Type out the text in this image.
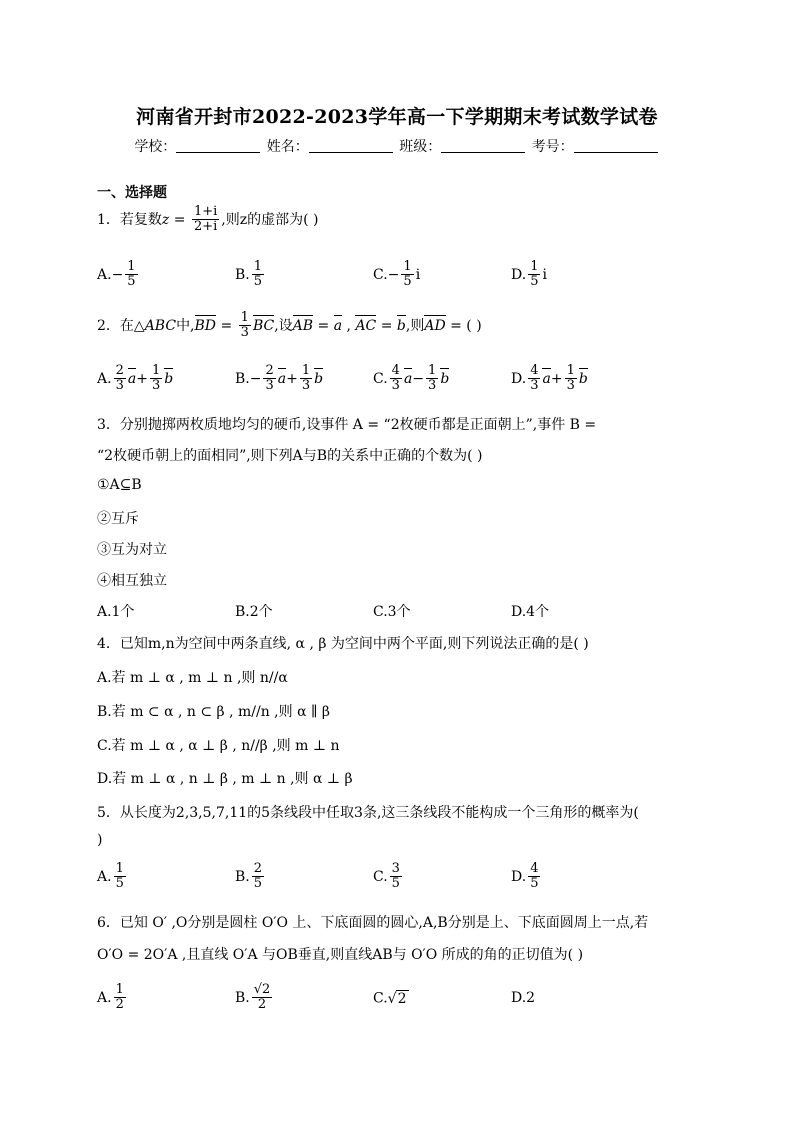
河南省开封市2022-2023学年高一下学期期末考试数学试卷
学校：	姓名：	班级：	考号：
一、选择题
1．若复数$z = \frac{1+i}{2+i}$ ,则z的虚部为( )
$A.- \frac{1}{5}$	B. $\frac{1}{5}$	$C.- \frac{1}{5}$ i	D. $\frac{1}{5}$ i
2．在△ABC中$,BD = \frac{1}{3}$ BC,设AB = a , AC = b,则AD = ( )
A. $\frac{2}{3} a+ \frac{1}{3}$ b	$B.- \frac{2}{3} a+ \frac{1}{3}$ b	C. $\frac{4}{3} a- \frac{1}{3}$ b	D. $\frac{4}{3} a+ \frac{1}{3}$ b
3．分别抛掷两枚质地均匀的硬币,设事件 A = “2枚硬币都是正面朝上”,事件 B =
“2枚硬币朝上的面相同”,则下列A与B的关系中正确的个数为( )
①A⊆B
②互斥
③互为对立
④相互独立
A.1个	B.2个	C.3个	D.4个
4．已知m,n为空间中两条直线, α , β 为空间中两个平面,则下列说法正确的是( )
A.若 m ⊥ α , m ⊥ n ,则 n//α
B.若 m ⊂ α , n ⊂ β , m//n ,则 α ∥ β
C.若 m ⊥ α , α ⊥ β , n//β ,则 m ⊥ n
D.若 m ⊥ α , n ⊥ β , m ⊥ n ,则 α ⊥ β
5．从长度为2,3,5,7,11的5条线段中任取3条,这三条线段不能构成一个三角形的概率为(
)
A. $\frac{1}{5}$	B. $\frac{2}{5}$	C. $\frac{3}{5}$	D. $\frac{4}{5}$
6．已知 O′ ,O分别是圆柱 O′O 上、下底面圆的圆心,A,B分别是上、下底面圆周上一点,若
O′O = 2O′A ,且直线 O′A 与OB垂直,则直线AB与 O′O 所成的角的正切值为( )
A. $\frac{1}{2}$	B. $\frac{√2}{2}$	C.√ 2	D.2
